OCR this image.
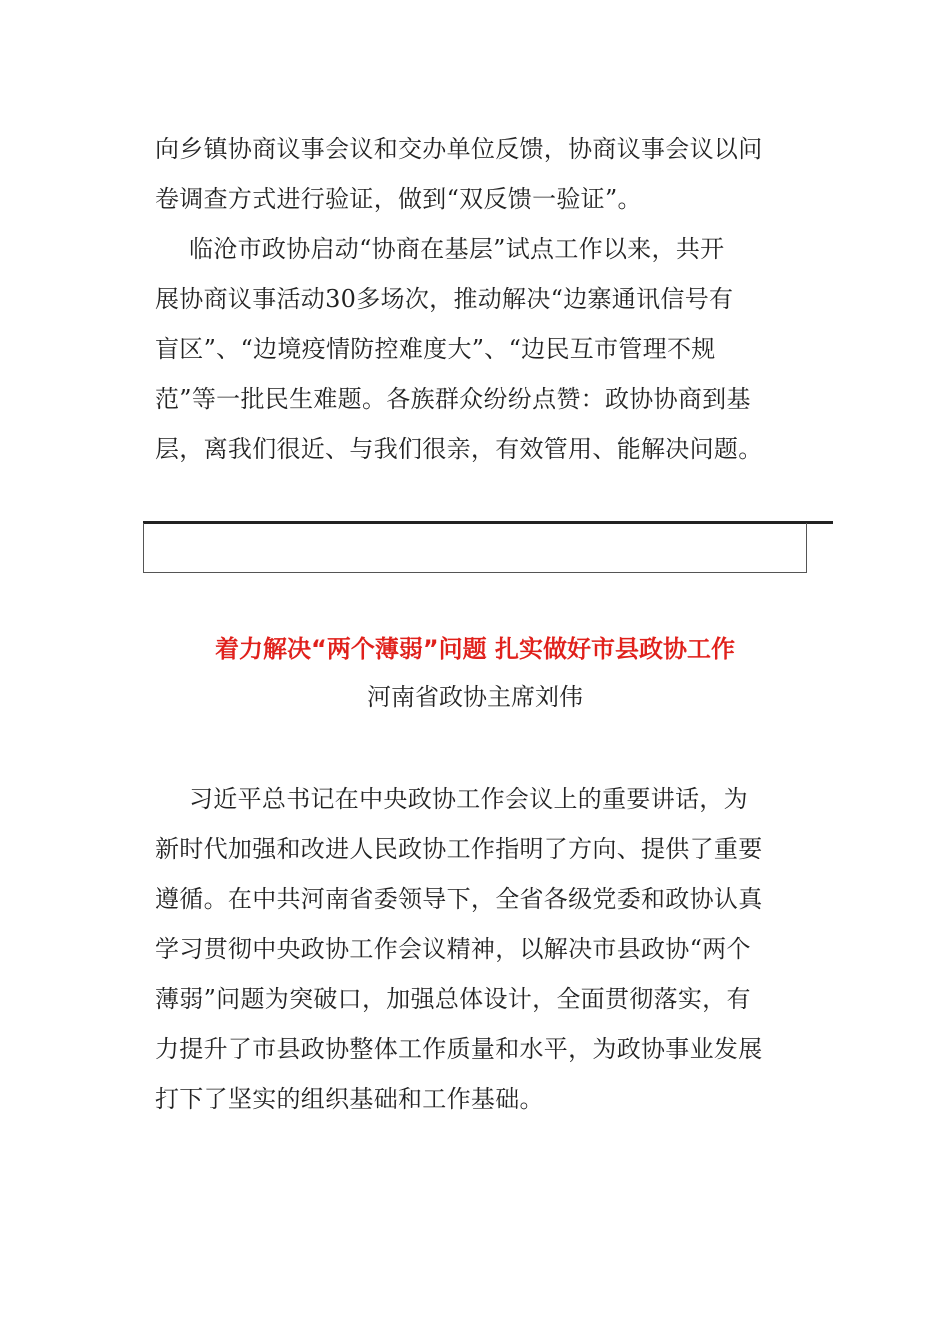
向乡镇协商议事会议和交办单位反馈，协商议事会议以问
卷调查方式进行验证，做到“双反馈一验证”。
临沧市政协启动“协商在基层”试点工作以来，共开
展协商议事活动30多场次，推动解决“边寨通讯信号有
盲区”、“边境疫情防控难度大”、“边民互市管理不规
范”等一批民生难题。各族群众纷纷点赞：政协协商到基
层，离我们很近、与我们很亲，有效管用、能解决问题。
着力解决“两个薄弱”问题 扎实做好市县政协工作
河南省政协主席刘伟
习近平总书记在中央政协工作会议上的重要讲话，为
新时代加强和改进人民政协工作指明了方向、提供了重要
遵循。在中共河南省委领导下，全省各级党委和政协认真
学习贯彻中央政协工作会议精神，以解决市县政协“两个
薄弱”问题为突破口，加强总体设计，全面贯彻落实，有
力提升了市县政协整体工作质量和水平，为政协事业发展
打下了坚实的组织基础和工作基础。
